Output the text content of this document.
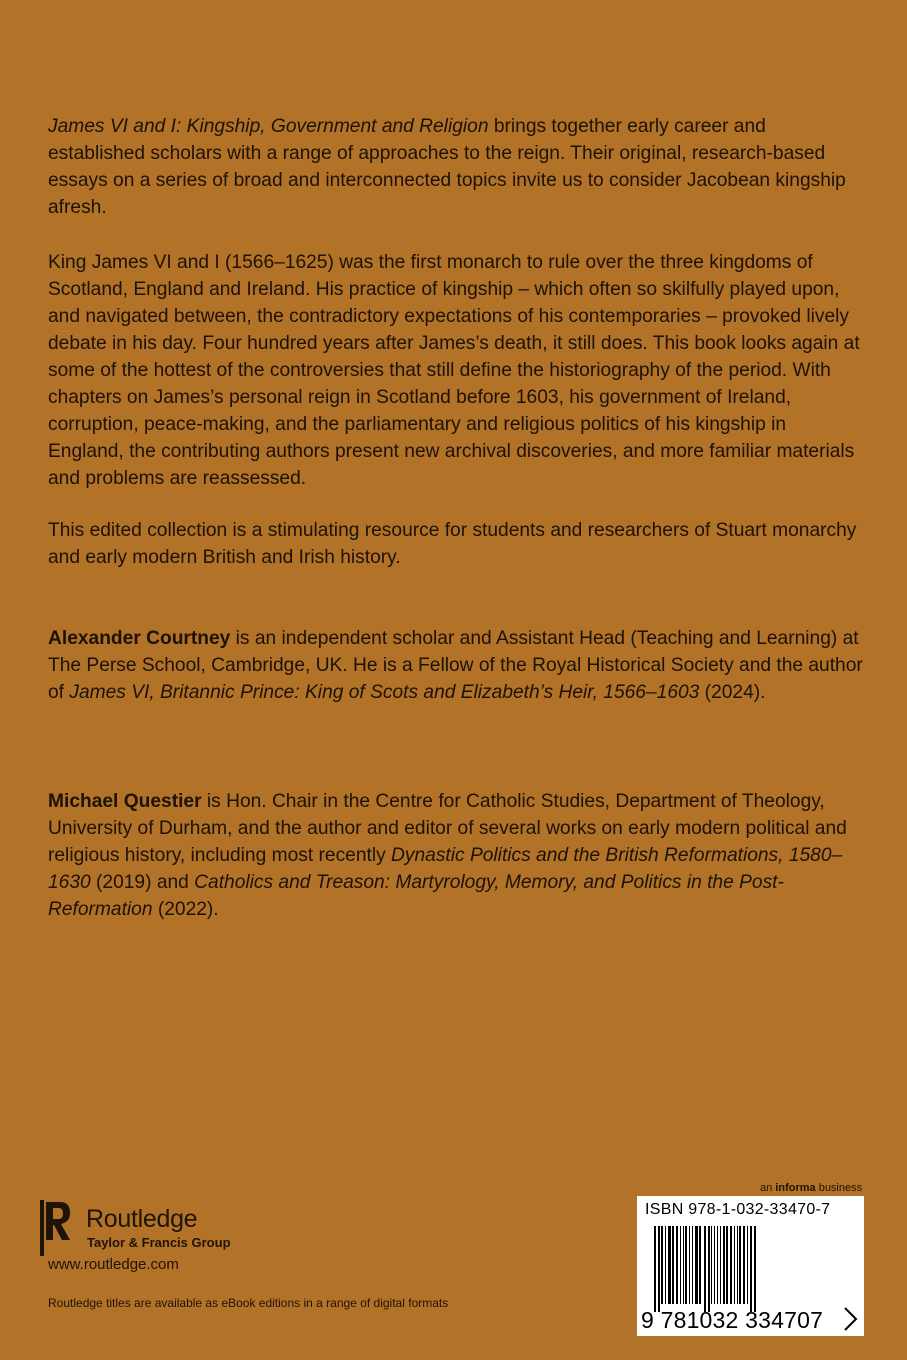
James VI and I: Kingship, Government and Religion brings together early career and established scholars with a range of approaches to the reign. Their original, research-based essays on a series of broad and interconnected topics invite us to consider Jacobean kingship afresh.

King James VI and I (1566–1625) was the first monarch to rule over the three kingdoms of Scotland, England and Ireland. His practice of kingship – which often so skilfully played upon, and navigated between, the contradictory expectations of his contemporaries – provoked lively debate in his day. Four hundred years after James’s death, it still does. This book looks again at some of the hottest of the controversies that still define the historiography of the period. With chapters on James’s personal reign in Scotland before 1603, his government of Ireland, corruption, peace-making, and the parliamentary and religious politics of his kingship in England, the contributing authors present new archival discoveries, and more familiar materials and problems are reassessed.

This edited collection is a stimulating resource for students and researchers of Stuart monarchy and early modern British and Irish history.

Alexander Courtney is an independent scholar and Assistant Head (Teaching and Learning) at The Perse School, Cambridge, UK. He is a Fellow of the Royal Historical Society and the author of James VI, Britannic Prince: King of Scots and Elizabeth’s Heir, 1566–1603 (2024).

Michael Questier is Hon. Chair in the Centre for Catholic Studies, Department of Theology, University of Durham, and the author and editor of several works on early modern political and religious history, including most recently Dynastic Politics and the British Reformations, 1580–1630 (2019) and Catholics and Treason: Martyrology, Memory, and Politics in the Post-Reformation (2022).

TAYLOR
Routledge
Taylor & Francis Group
www.routledge.com
Routledge titles are available as eBook editions in a range of digital formats
an informa business
ISBN 978-1-032-33470-7
9 781032 334707
